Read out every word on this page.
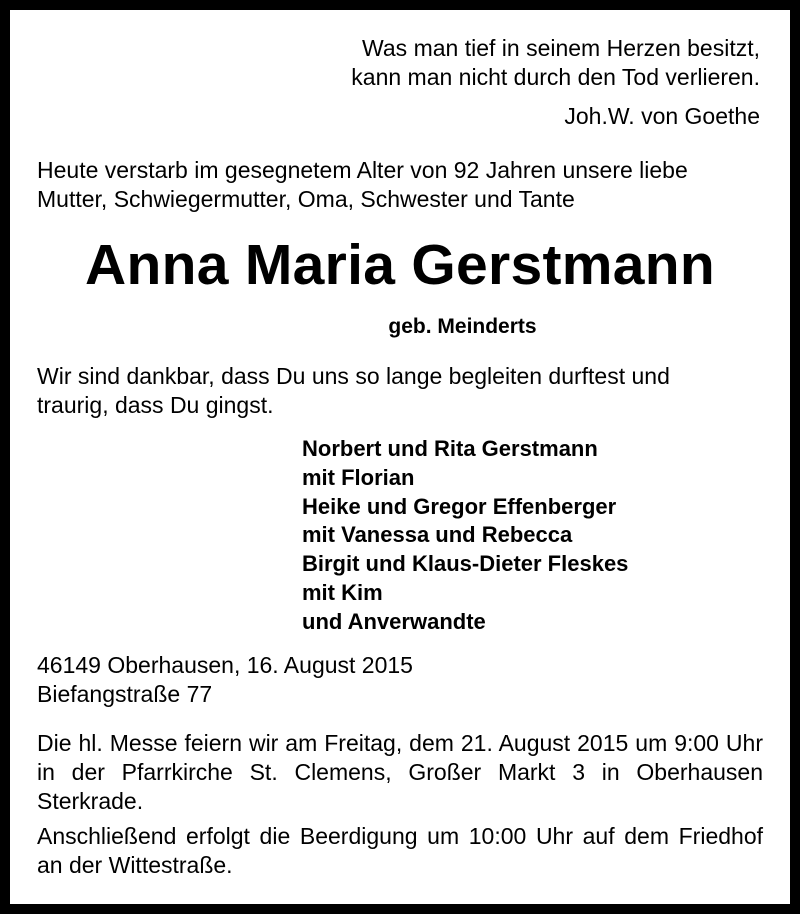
Was man tief in seinem Herzen besitzt,

kann man nicht durch den Tod verlieren.

Joh.W. von Goethe

Heute verstarb im gesegnetem Alter von 92 Jahren unsere liebe

Mutter, Schwiegermutter, Oma, Schwester und Tante

Anna Maria Gerstmann

geb. Meinderts

Wir sind dankbar, dass Du uns so lange begleiten durftest und

traurig, dass Du gingst.

Norbert und Rita Gerstmann

mit Florian

Heike und Gregor Effenberger

mit Vanessa und Rebecca

Birgit und Klaus-Dieter Fleskes

mit Kim

und Anverwandte

46149 Oberhausen, 16. August 2015

Biefangstraße 77

Die hl. Messe feiern wir am Freitag, dem 21. August 2015 um 9:00 Uhr in der Pfarrkirche St. Clemens, Großer Markt 3 in Oberhausen Sterkrade.

Anschließend erfolgt die Beerdigung um 10:00 Uhr auf dem Friedhof an der Wittestraße.
